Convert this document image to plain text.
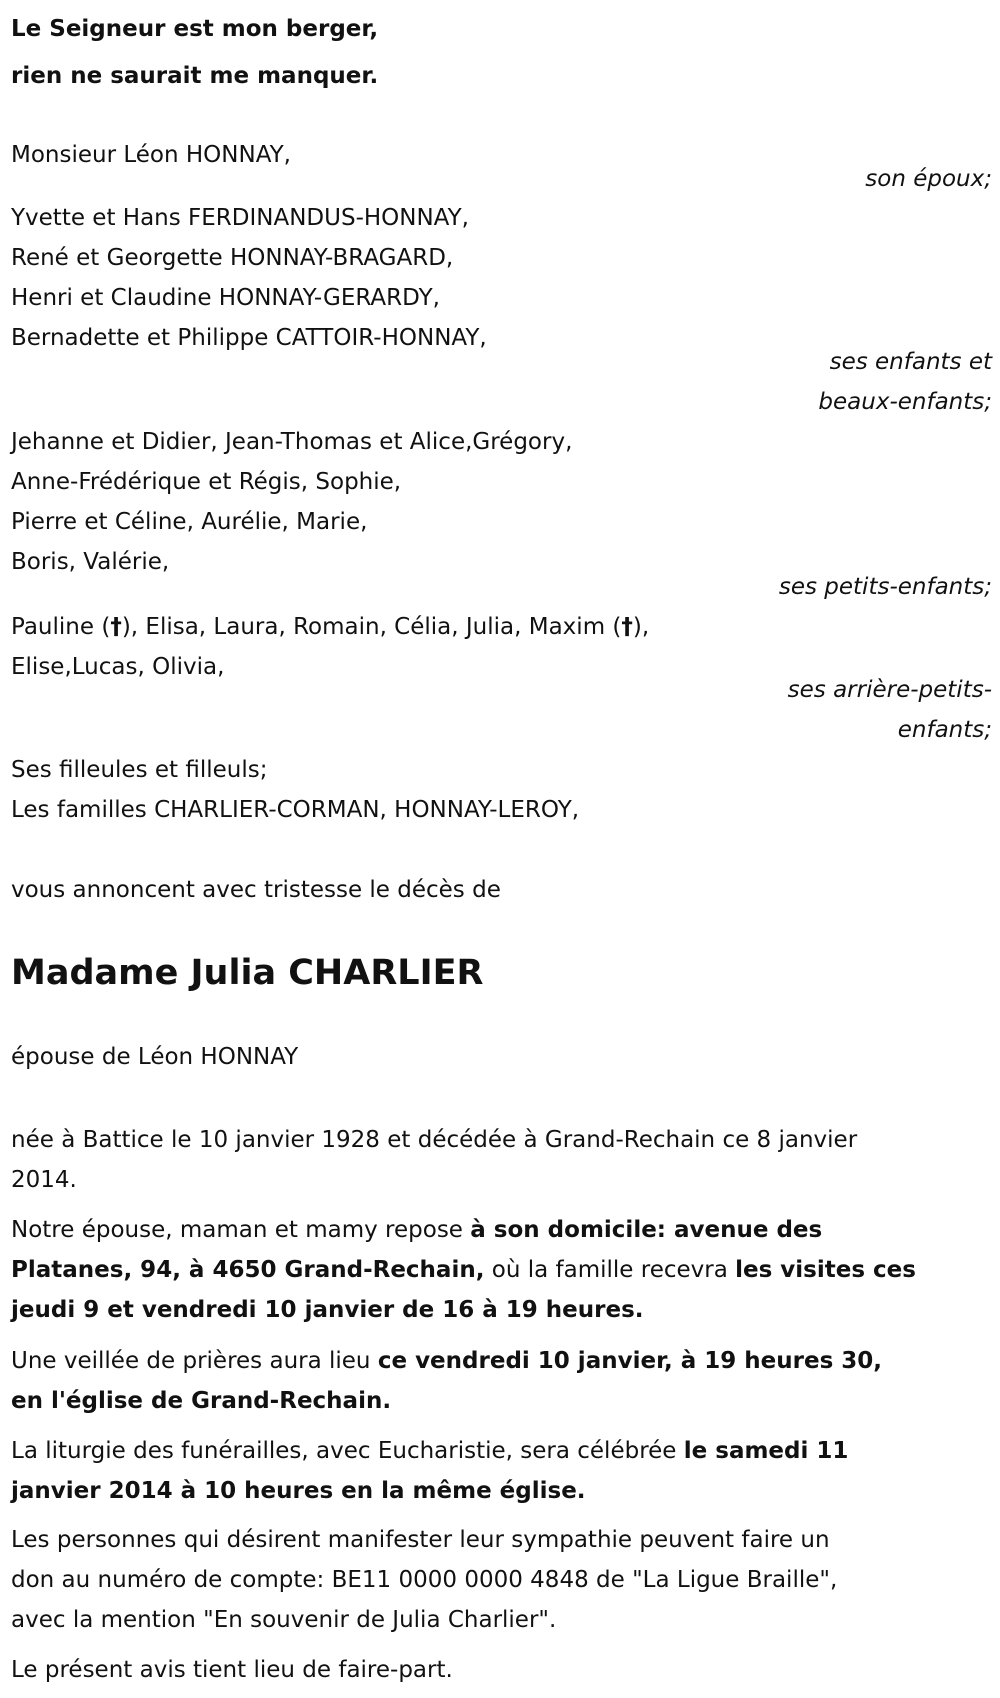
Le Seigneur est mon berger,
rien ne saurait me manquer.
Monsieur Léon HONNAY,
son époux;
Yvette et Hans FERDINANDUS-HONNAY,
René et Georgette HONNAY-BRAGARD,
Henri et Claudine HONNAY-GERARDY,
Bernadette et Philippe CATTOIR-HONNAY,
ses enfants et
beaux-enfants;
Jehanne et Didier, Jean-Thomas et Alice,Grégory,
Anne-Frédérique et Régis, Sophie,
Pierre et Céline, Aurélie, Marie,
Boris, Valérie,
ses petits-enfants;
Pauline (†), Elisa, Laura, Romain, Célia, Julia, Maxim (†),
Elise,Lucas, Olivia,
ses arrière-petits-
enfants;
Ses filleules et filleuls;
Les familles CHARLIER-CORMAN, HONNAY-LEROY,
vous annoncent avec tristesse le décès de
Madame Julia CHARLIER
épouse de Léon HONNAY
née à Battice le 10 janvier 1928 et décédée à Grand-Rechain ce 8 janvier
2014.
Notre épouse, maman et mamy repose à son domicile: avenue des
Platanes, 94, à 4650 Grand-Rechain, où la famille recevra les visites ces
jeudi 9 et vendredi 10 janvier de 16 à 19 heures.
Une veillée de prières aura lieu ce vendredi 10 janvier, à 19 heures 30,
en l'église de Grand-Rechain.
La liturgie des funérailles, avec Eucharistie, sera célébrée le samedi 11
janvier 2014 à 10 heures en la même église.
Les personnes qui désirent manifester leur sympathie peuvent faire un
don au numéro de compte: BE11 0000 0000 4848 de "La Ligue Braille",
avec la mention "En souvenir de Julia Charlier".
Le présent avis tient lieu de faire-part.
